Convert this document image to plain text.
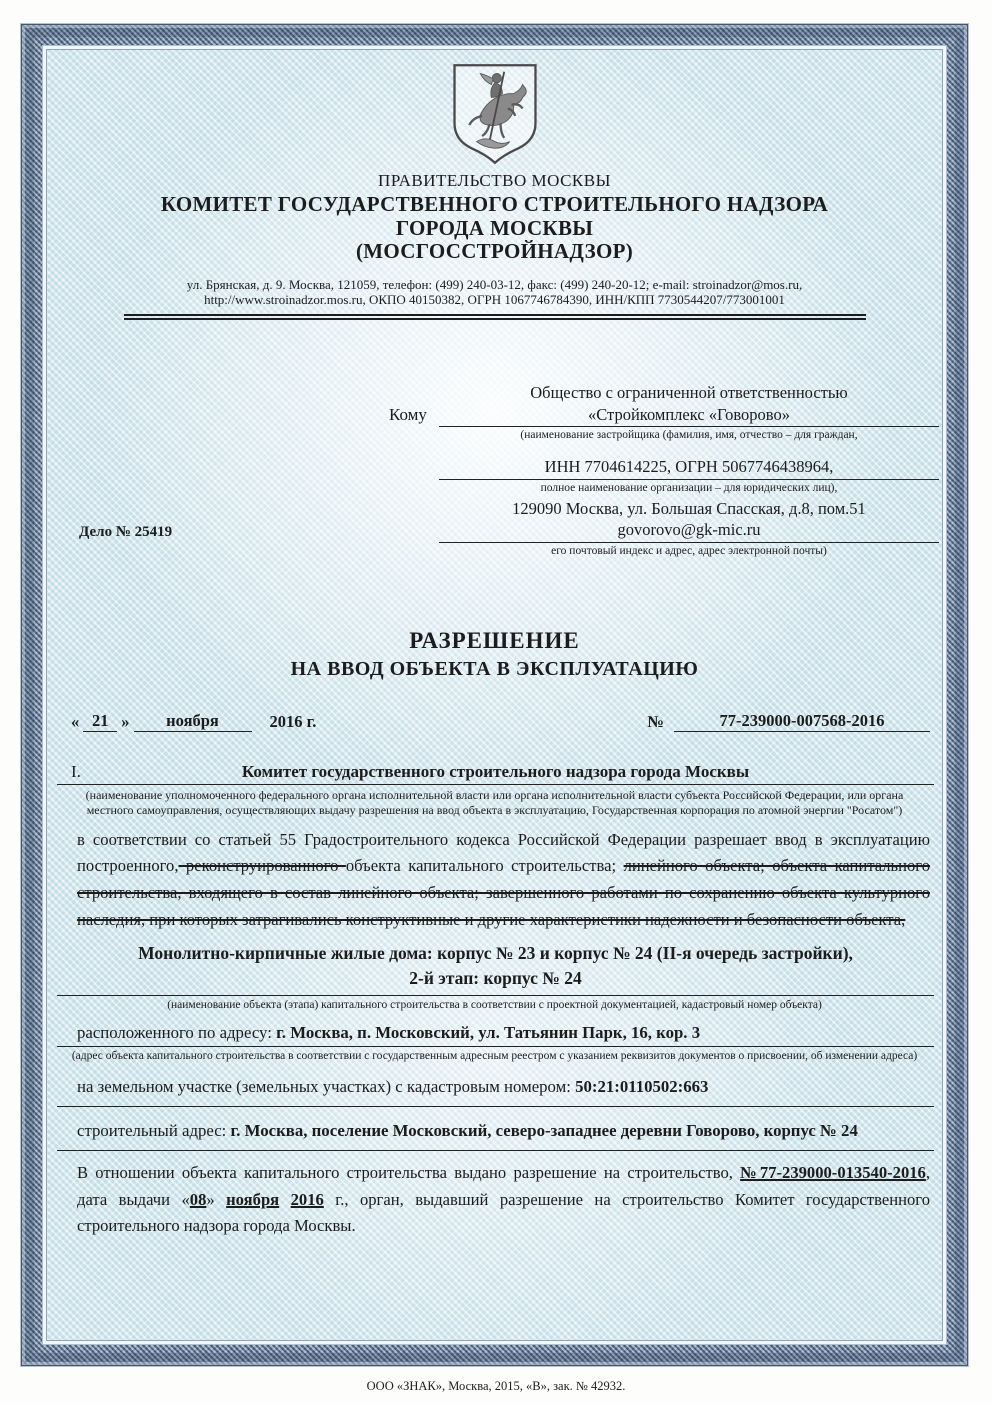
ПРАВИТЕЛЬСТВО МОСКВЫ
КОМИТЕТ ГОСУДАРСТВЕННОГО СТРОИТЕЛЬНОГО НАДЗОРА
ГОРОДА МОСКВЫ
(МОСГОССТРОЙНАДЗОР)
ул. Брянская, д. 9. Москва, 121059, телефон: (499) 240-03-12, факс: (499) 240-20-12; e-mail: stroinadzor@mos.ru,
http://www.stroinadzor.mos.ru, ОКПО 40150382, ОГРН 1067746784390, ИНН/КПП 7730544207/773001001
Дело № 25419
Кому
Общество с ограниченной ответственностью
«Стройкомплекс «Говорово»
(наименование застройщика (фамилия, имя, отчество – для граждан,
ИНН 7704614225, ОГРН 5067746438964,
полное наименование организации – для юридических лиц),
129090 Москва, ул. Большая Спасская, д.8, пом.51
govorovo@gk-mic.ru
его почтовый индекс и адрес, адрес электронной почты)
РАЗРЕШЕНИЕ
НА ВВОД ОБЪЕКТА В ЭКСПЛУАТАЦИЮ
« 21 »	ноября	2016 г.	№	77-239000-007568-2016
I.	Комитет государственного строительного надзора города Москвы
(наименование уполномоченного федерального органа исполнительной власти или органа исполнительной власти субъекта Российской Федерации, или органа местного самоуправления, осуществляющих выдачу разрешения на ввод объекта в эксплуатацию, Государственная корпорация по атомной энергии "Росатом")
в соответствии со статьей 55 Градостроительного кодекса Российской Федерации разрешает ввод в эксплуатацию построенного, реконструированного объекта капитального строительства; линейного объекта; объекта капитального строительства, входящего в состав линейного объекта; завершенного работами по сохранению объекта культурного наследия, при которых затрагивались конструктивные и другие характеристики надежности и безопасности объекта,
Монолитно-кирпичные жилые дома: корпус № 23 и корпус № 24 (II-я очередь застройки),
2-й этап: корпус № 24
(наименование объекта (этапа) капитального строительства в соответствии с проектной документацией, кадастровый номер объекта)
расположенного по адресу: г. Москва, п. Московский, ул. Татьянин Парк, 16, кор. 3
(адрес объекта капитального строительства в соответствии с государственным адресным реестром с указанием реквизитов документов о присвоении, об изменении адреса)
на земельном участке (земельных участках) с кадастровым номером: 50:21:0110502:663
строительный адрес: г. Москва, поселение Московский, северо-западнее деревни Говорово, корпус № 24
В отношении объекта капитального строительства выдано разрешение на строительство, №77-239000-013540-2016, дата выдачи «08» ноября 2016 г., орган, выдавший разрешение на строительство Комитет государственного строительного надзора города Москвы.
ООО «ЗНАК», Москва, 2015, «В», зак. № 42932.
